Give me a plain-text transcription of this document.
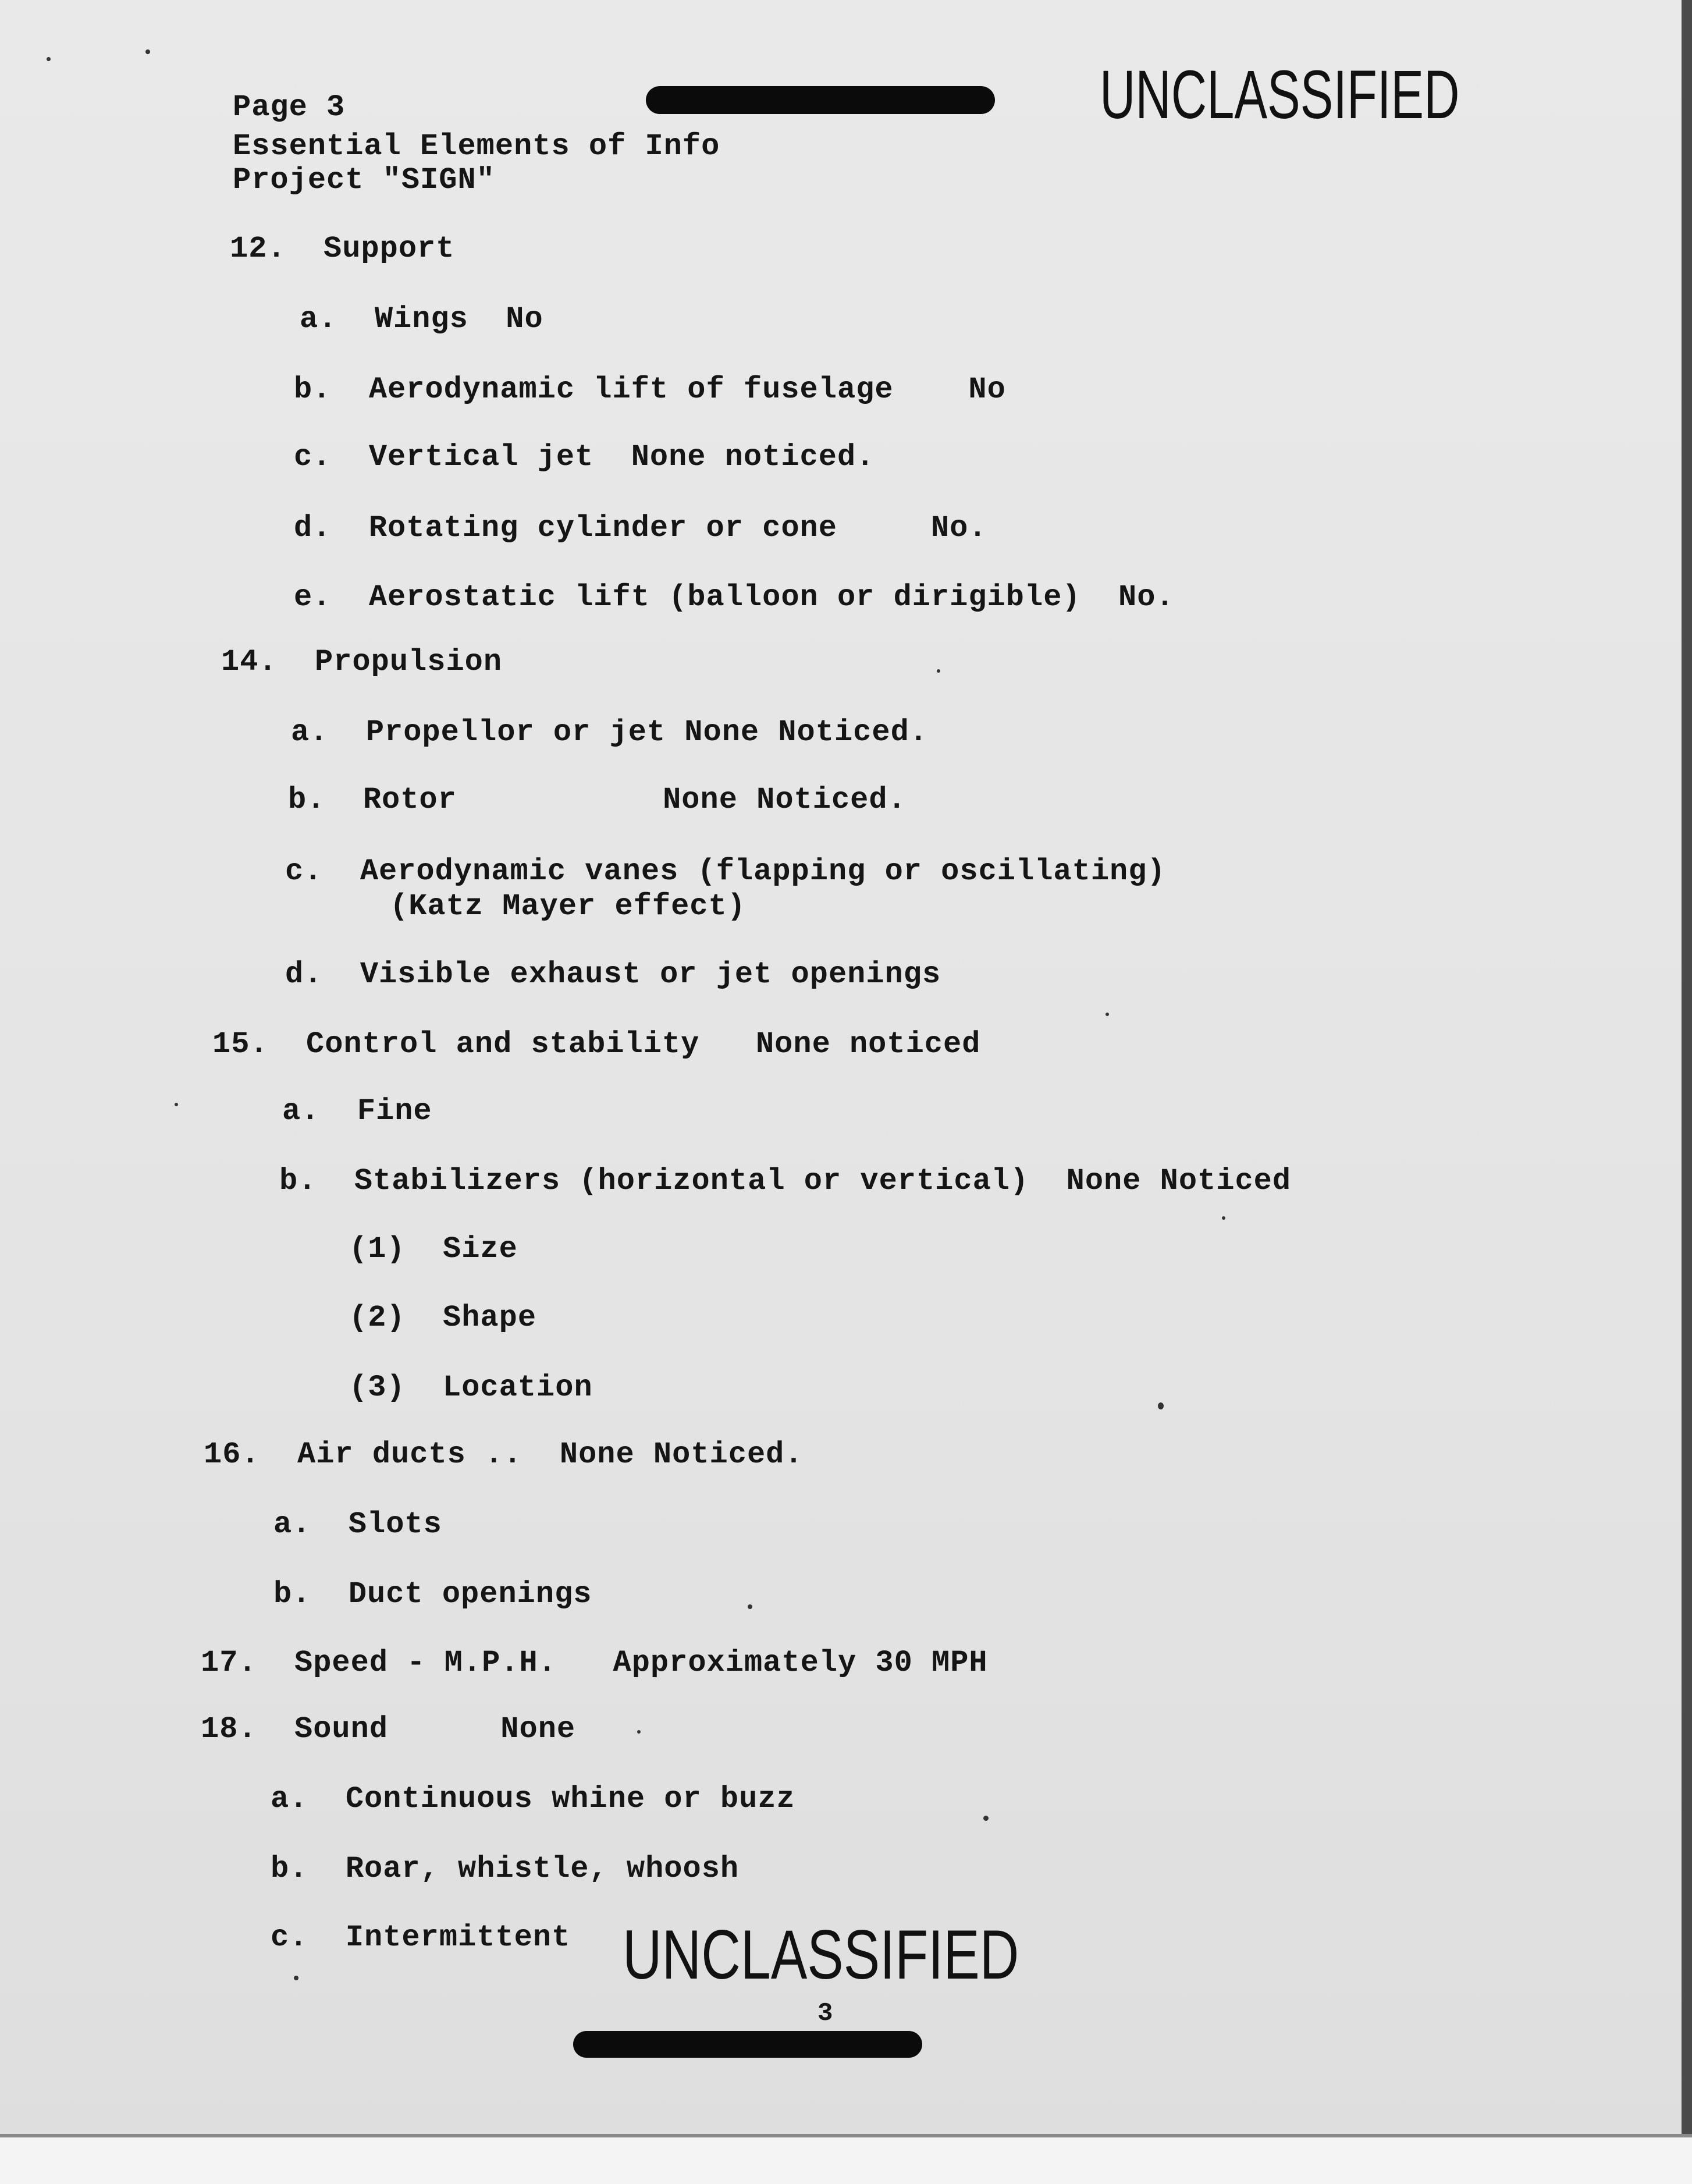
Page 3
Essential Elements of Info
Project "SIGN"
UNCLASSIFIED
12.  Support
a.  Wings  No
b.  Aerodynamic lift of fuselage    No
c.  Vertical jet  None noticed.
d.  Rotating cylinder or cone     No.
e.  Aerostatic lift (balloon or dirigible)  No.
14.  Propulsion
a.  Propellor or jet None Noticed.
b.  Rotor           None Noticed.
c.  Aerodynamic vanes (flapping or oscillating)
(Katz Mayer effect)
d.  Visible exhaust or jet openings
15.  Control and stability   None noticed
a.  Fine
b.  Stabilizers (horizontal or vertical)  None Noticed
(1)  Size
(2)  Shape
(3)  Location
16.  Air ducts ..  None Noticed.
a.  Slots
b.  Duct openings
17.  Speed - M.P.H.   Approximately 30 MPH
18.  Sound      None
a.  Continuous whine or buzz
b.  Roar, whistle, whoosh
c.  Intermittent UNCLASSIFIED
3
